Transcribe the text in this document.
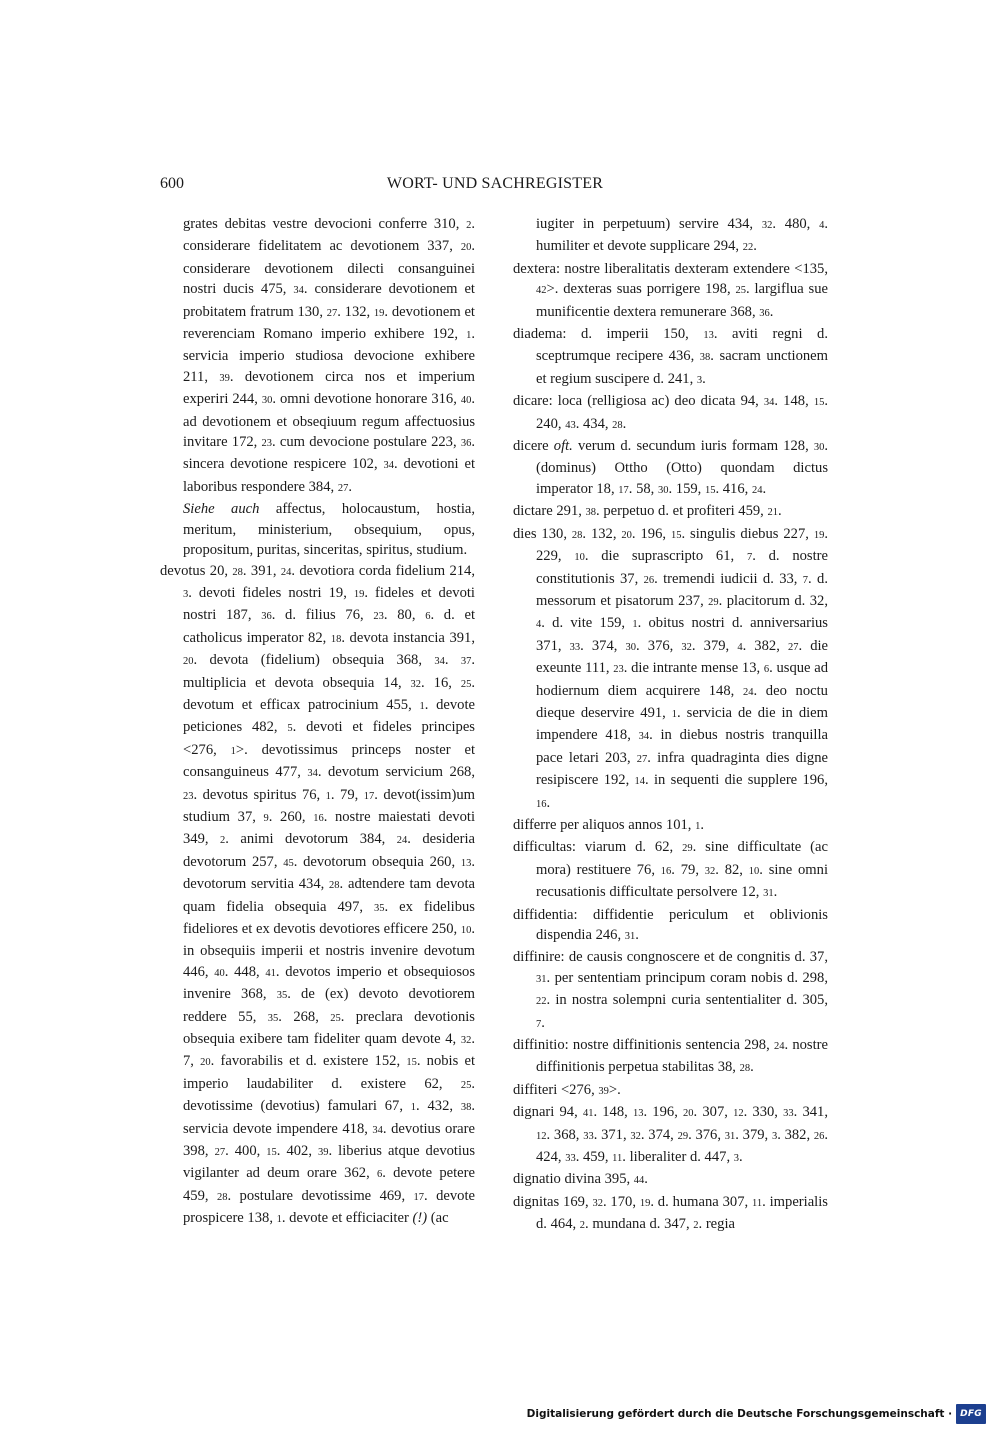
600	WORT- UND SACHREGISTER

grates debitas vestre devocioni conferre 310, 2. considerare fidelitatem ac devotionem 337, 20. considerare devotionem dilecti consanguinei nostri ducis 475, 34. considerare devotionem et probitatem fratrum 130, 27. 132, 19. devotionem et reverenciam Romano imperio exhibere 192, 1. servicia imperio studiosa devocione exhibere 211, 39. devotionem circa nos et imperium experiri 244, 30. omni devotione honorare 316, 40. ad devotionem et obseqiuum regum affectuosius invitare 172, 23. cum devocione postulare 223, 36. sincera devotione respicere 102, 34. devotioni et laboribus respondere 384, 27.

Siehe auch affectus, holocaustum, hostia, meritum, ministerium, obsequium, opus, propositum, puritas, sinceritas, spiritus, studium.

devotus 20, 28. 391, 24. devotiora corda fidelium 214, 3. devoti fideles nostri 19, 19. fideles et devoti nostri 187, 36. d. filius 76, 23. 80, 6. d. et catholicus imperator 82, 18. devota instancia 391, 20. devota (fidelium) obsequia 368, 34. 37. multiplicia et devota obsequia 14, 32. 16, 25. devotum et efficax patrocinium 455, 1. devote peticiones 482, 5. devoti et fideles principes <276, 1>. devotissimus princeps noster et consanguineus 477, 34. devotum servicium 268, 23. devotus spiritus 76, 1. 79, 17. devot(issim)um studium 37, 9. 260, 16. nostre maiestati devoti 349, 2. animi devotorum 384, 24. desideria devotorum 257, 45. devotorum obsequia 260, 13. devotorum servitia 434, 28. adtendere tam devota quam fidelia obsequia 497, 35. ex fidelibus fideliores et ex devotis devotiores efficere 250, 10. in obsequiis imperii et nostris invenire devotum 446, 40. 448, 41. devotos imperio et obsequiosos invenire 368, 35. de (ex) devoto devotiorem reddere 55, 35. 268, 25. preclara devotionis obsequia exibere tam fideliter quam devote 4, 32. 7, 20. favorabilis et d. existere 152, 15. nobis et imperio laudabiliter d. existere 62, 25. devotissime (devotius) famulari 67, 1. 432, 38. servicia devote impendere 418, 34. devotius orare 398, 27. 400, 15. 402, 39. liberius atque devotius vigilanter ad deum orare 362, 6. devote petere 459, 28. postulare devotissime 469, 17. devote prospicere 138, 1. devote et efficiaciter (!) (ac

iugiter in perpetuum) servire 434, 32. 480, 4. humiliter et devote supplicare 294, 22.

dextera: nostre liberalitatis dexteram extendere <135, 42>. dexteras suas porrigere 198, 25. largiflua sue munificentie dextera remunerare 368, 36.

diadema: d. imperii 150, 13. aviti regni d. sceptrumque recipere 436, 38. sacram unctionem et regium suscipere d. 241, 3.

dicare: loca (relligiosa ac) deo dicata 94, 34. 148, 15. 240, 43. 434, 28.

dicere oft. verum d. secundum iuris formam 128, 30. (dominus) Ottho (Otto) quondam dictus imperator 18, 17. 58, 30. 159, 15. 416, 24.

dictare 291, 38. perpetuo d. et profiteri 459, 21.

dies 130, 28. 132, 20. 196, 15. singulis diebus 227, 19. 229, 10. die suprascripto 61, 7. d. nostre constitutionis 37, 26. tremendi iudicii d. 33, 7. d. messorum et pisatorum 237, 29. placitorum d. 32, 4. d. vite 159, 1. obitus nostri d. anniversarius 371, 33. 374, 30. 376, 32. 379, 4. 382, 27. die exeunte 111, 23. die intrante mense 13, 6. usque ad hodiernum diem acquirere 148, 24. deo noctu dieque deservire 491, 1. servicia de die in diem impendere 418, 34. in diebus nostris tranquilla pace letari 203, 27. infra quadraginta dies digne resipiscere 192, 14. in sequenti die supplere 196, 16.

differre per aliquos annos 101, 1.

difficultas: viarum d. 62, 29. sine difficultate (ac mora) restituere 76, 16. 79, 32. 82, 10. sine omni recusationis difficultate persolvere 12, 31.

diffidentia: diffidentie periculum et oblivionis dispendia 246, 31.

diffinire: de causis congnoscere et de congnitis d. 37, 31. per sententiam principum coram nobis d. 298, 22. in nostra solempni curia sententialiter d. 305, 7.

diffinitio: nostre diffinitionis sentencia 298, 24. nostre diffinitionis perpetua stabilitas 38, 28.

diffiteri <276, 39>.

dignari 94, 41. 148, 13. 196, 20. 307, 12. 330, 33. 341, 12. 368, 33. 371, 32. 374, 29. 376, 31. 379, 3. 382, 26. 424, 33. 459, 11. liberaliter d. 447, 3.

dignatio divina 395, 44.

dignitas 169, 32. 170, 19. d. humana 307, 11. imperialis d. 464, 2. mundana d. 347, 2. regia

Digitalisierung gefördert durch die Deutsche Forschungsgemeinschaft · DFG
